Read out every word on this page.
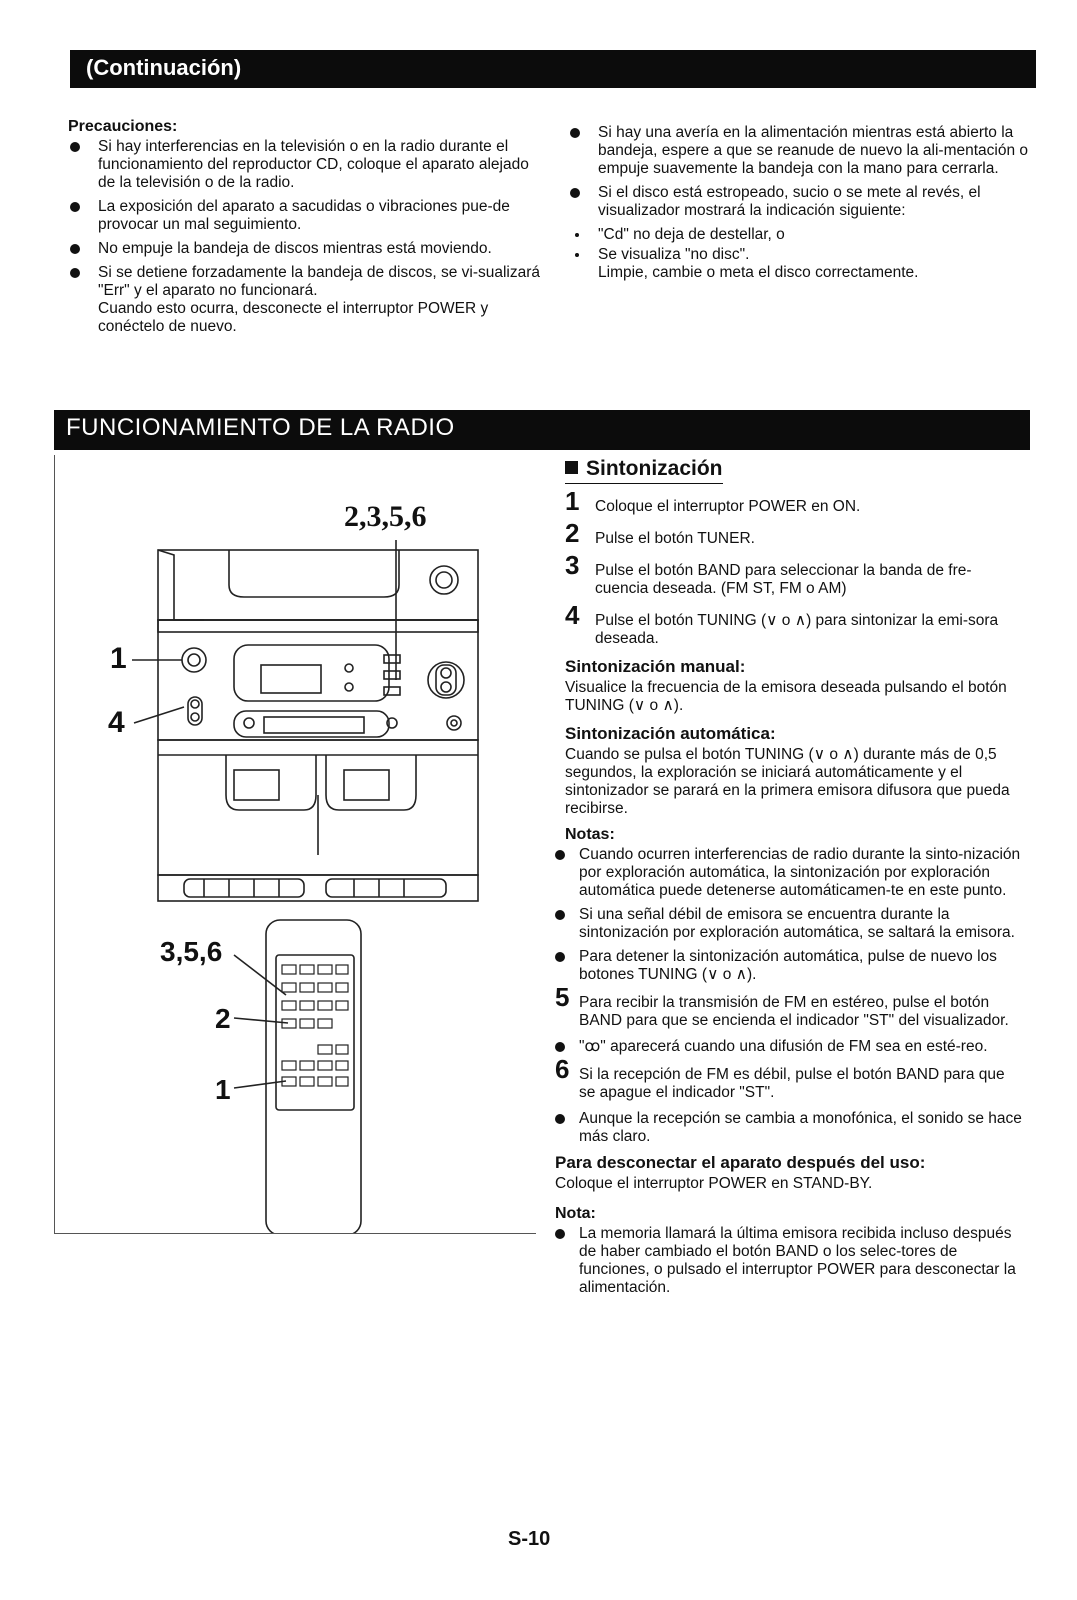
(Continuación)
Precauciones:
Si hay interferencias en la televisión o en la radio durante el funcionamiento del reproductor CD, coloque el aparato alejado de la televisión o de la radio.
La exposición del aparato a sacudidas o vibraciones pue-de provocar un mal seguimiento.
No empuje la bandeja de discos mientras está moviendo.
Si se detiene forzadamente la bandeja de discos, se vi-sualizará "Err" y el aparato no funcionará.
Cuando esto ocurra, desconecte el interruptor POWER y conéctelo de nuevo.
Si hay una avería en la alimentación mientras está abierto la bandeja, espere a que se reanude de nuevo la ali-mentación o empuje suavemente la bandeja con la mano para cerrarla.
Si el disco está estropeado, sucio o se mete al revés, el visualizador mostrará la indicación siguiente:
"Cd" no deja de destellar, o
Se visualiza "no disc".
Limpie, cambie o meta el disco correctamente.
FUNCIONAMIENTO DE LA RADIO
2,3,5,6
1
4
3,5,6
2
1
Sintonización
1 Coloque el interruptor POWER en ON.
2 Pulse el botón TUNER.
3 Pulse el botón BAND para seleccionar la banda de fre-cuencia deseada. (FM ST, FM o AM)
4 Pulse el botón TUNING (∨ o ∧) para sintonizar la emi-sora deseada.
Sintonización manual:
Visualice la frecuencia de la emisora deseada pulsando el botón TUNING (∨ o ∧).
Sintonización automática:
Cuando se pulsa el botón TUNING (∨ o ∧) durante más de 0,5 segundos, la exploración se iniciará automáticamente y el sintonizador se parará en la primera emisora difusora que pueda recibirse.
Notas:
Cuando ocurren interferencias de radio durante la sinto-nización por exploración automática, la sintonización por exploración automática puede detenerse automáticamen-te en este punto.
Si una señal débil de emisora se encuentra durante la sintonización por exploración automática, se saltará la emisora.
Para detener la sintonización automática, pulse de nuevo los botones TUNING (∨ o ∧).
5 Para recibir la transmisión de FM en estéreo, pulse el botón BAND para que se encienda el indicador "ST" del visualizador.
"ꝏ" aparecerá cuando una difusión de FM sea en esté-reo.
6 Si la recepción de FM es débil, pulse el botón BAND para que se apague el indicador "ST".
Aunque la recepción se cambia a monofónica, el sonido se hace más claro.
Para desconectar el aparato después del uso:
Coloque el interruptor POWER en STAND-BY.
Nota:
La memoria llamará la última emisora recibida incluso después de haber cambiado el botón BAND o los selec-tores de funciones, o pulsado el interruptor POWER para desconectar la alimentación.
S-10
